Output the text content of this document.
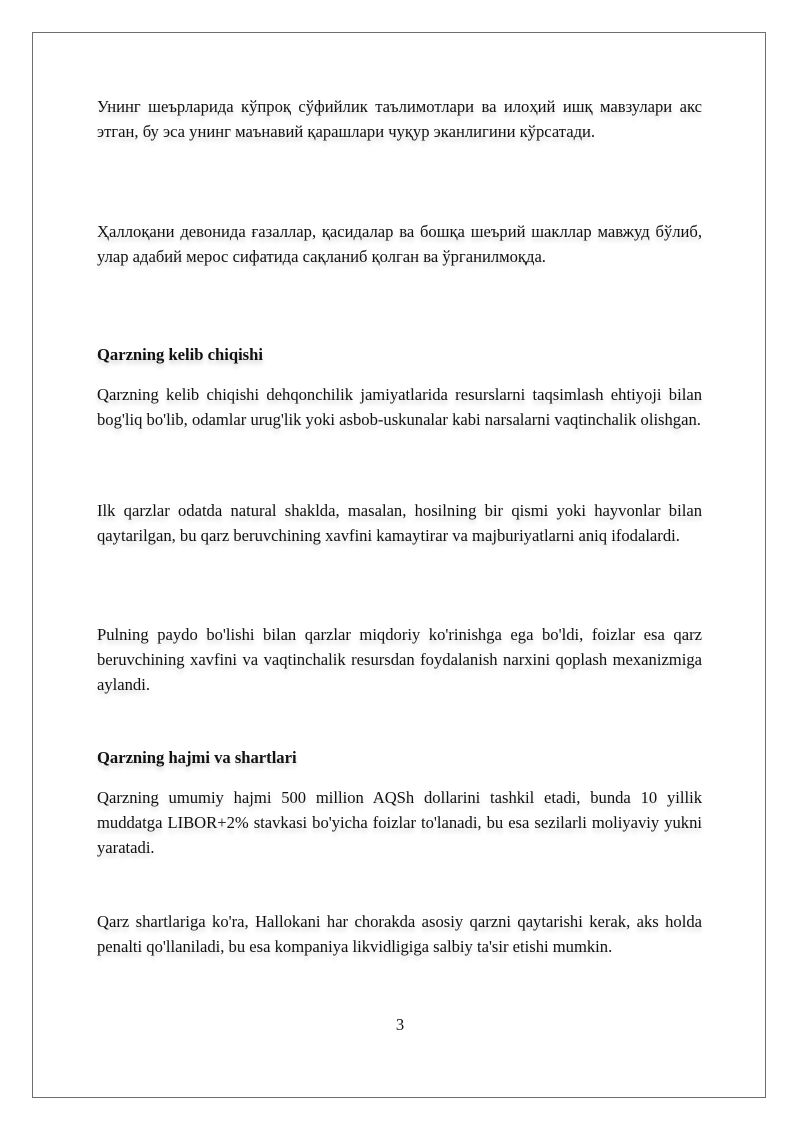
Унинг шеърларида кўпроқ сўфийлик таълимотлари ва илоҳий ишқ мавзулари акс этган, бу эса унинг маънавий қарашлари чуқур эканлигини кўрсатади.

Ҳаллоқани девонида ғазаллар, қасидалар ва бошқа шеърий шакллар мавжуд бўлиб, улар адабий мерос сифатида сақланиб қолган ва ўрганилмоқда.

Qarzning kelib chiqishi

Qarzning kelib chiqishi dehqonchilik jamiyatlarida resurslarni taqsimlash ehtiyoji bilan bog'liq bo'lib, odamlar urug'lik yoki asbob-uskunalar kabi narsalarni vaqtinchalik olishgan.

Ilk qarzlar odatda natural shaklda, masalan, hosilning bir qismi yoki hayvonlar bilan qaytarilgan, bu qarz beruvchining xavfini kamaytirar va majburiyatlarni aniq ifodalardi.

Pulning paydo bo'lishi bilan qarzlar miqdoriy ko'rinishga ega bo'ldi, foizlar esa qarz beruvchining xavfini va vaqtinchalik resursdan foydalanish narxini qoplash mexanizmiga aylandi.

Qarzning hajmi va shartlari

Qarzning umumiy hajmi 500 million AQSh dollarini tashkil etadi, bunda 10 yillik muddatga LIBOR+2% stavkasi bo'yicha foizlar to'lanadi, bu esa sezilarli moliyaviy yukni yaratadi.

Qarz shartlariga ko'ra, Hallokani har chorakda asosiy qarzni qaytarishi kerak, aks holda penalti qo'llaniladi, bu esa kompaniya likvidligiga salbiy ta'sir etishi mumkin.

3
